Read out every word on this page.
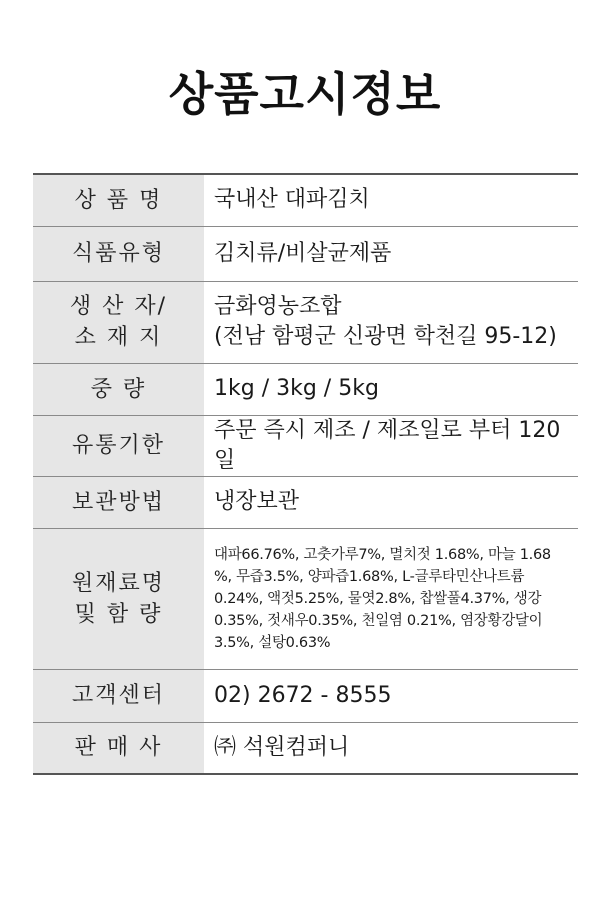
상품고시정보
상 품 명	국내산 대파김치
식품유형	김치류/비살균제품
생 산 자/
소 재 지	금화영농조합
(전남 함평군 신광면 학천길 95-12)

중 량	1kg / 3kg / 5kg
유통기한	주문 즉시 제조 / 제조일로 부터 120일
보관방법	냉장보관
원재료명
및 함 량	대파66.76%, 고춧가루7%, 멸치젓 1.68%, 마늘 1.68
%, 무즙3.5%, 양파즙1.68%, L-글루타민산나트륨
0.24%, 액젓5.25%, 물엿2.8%, 찹쌀풀4.37%, 생강
0.35%, 젓새우0.35%, 천일염 0.21%, 염장황강달이
3.5%, 설탕0.63%

고객센터	02) 2672 - 8555
판 매 사	㈜ 석원컴퍼니
